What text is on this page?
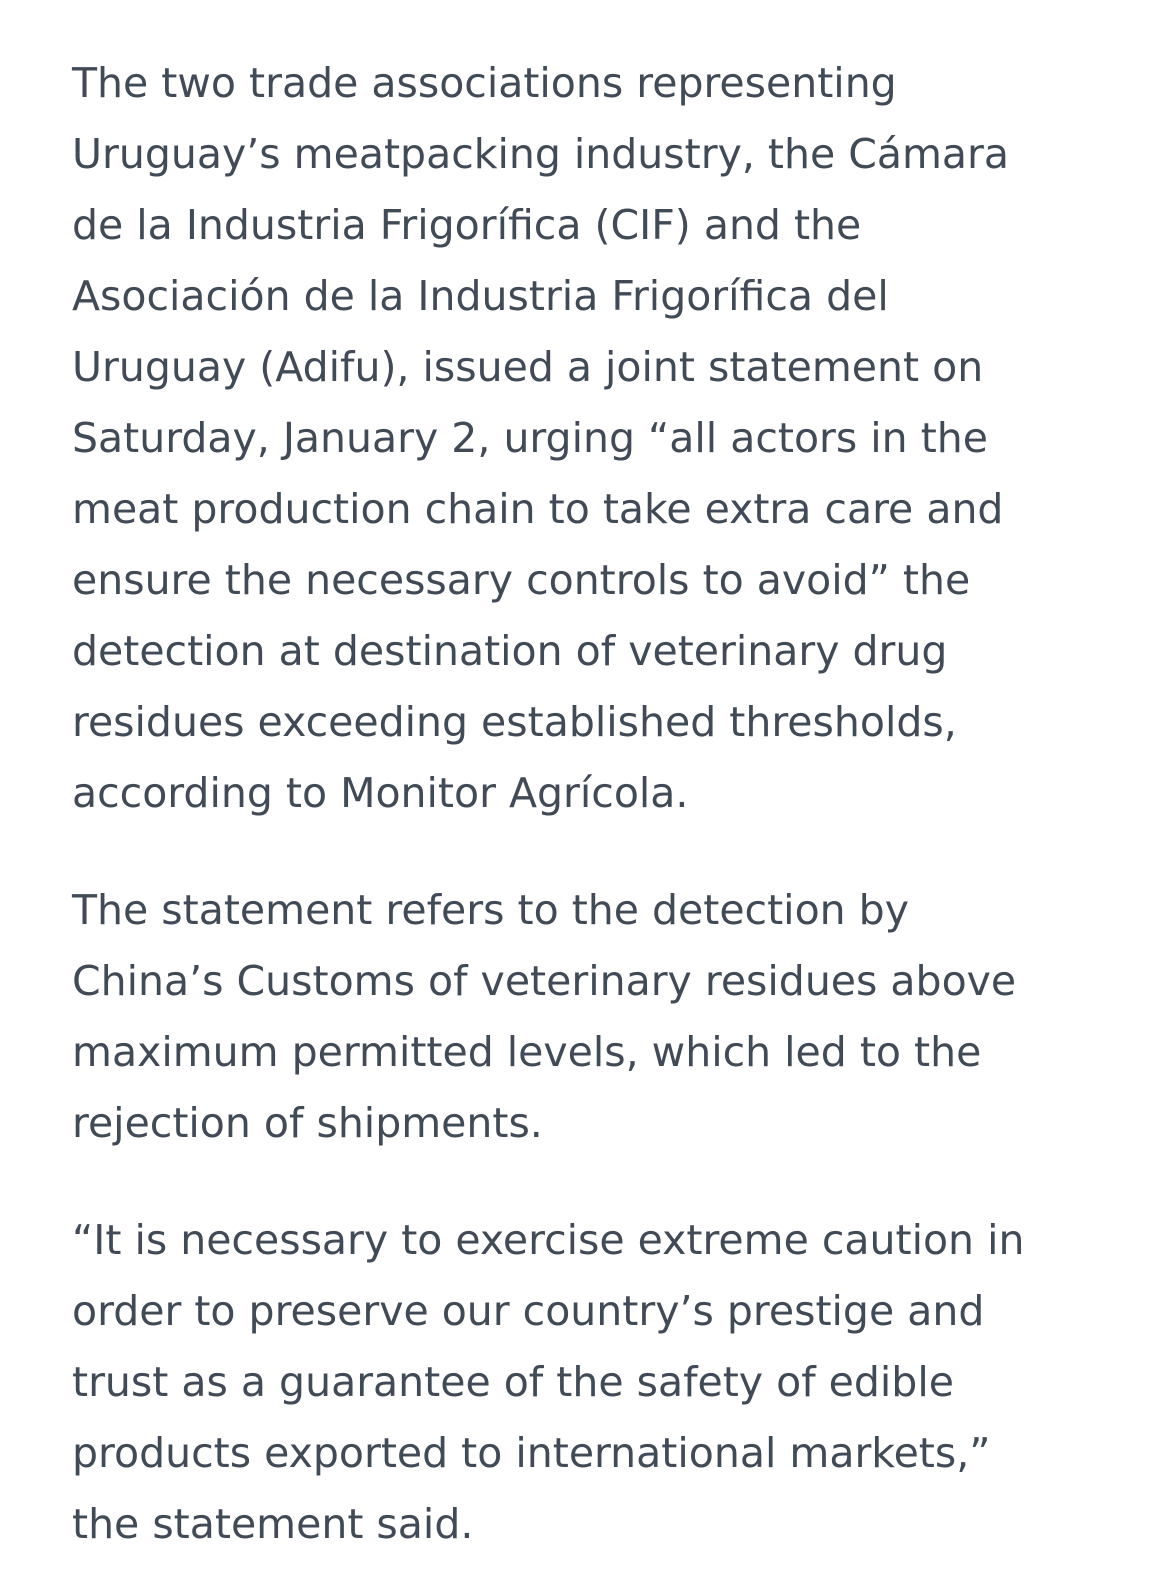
The two trade associations representing
Uruguay’s meatpacking industry, the Cámara
de la Industria Frigorífica (CIF) and the
Asociación de la Industria Frigorífica del
Uruguay (Adifu), issued a joint statement on
Saturday, January 2, urging “all actors in the
meat production chain to take extra care and
ensure the necessary controls to avoid” the
detection at destination of veterinary drug
residues exceeding established thresholds,
according to Monitor Agrícola.

The statement refers to the detection by
China’s Customs of veterinary residues above
maximum permitted levels, which led to the
rejection of shipments.

“It is necessary to exercise extreme caution in
order to preserve our country’s prestige and
trust as a guarantee of the safety of edible
products exported to international markets,”
the statement said.
